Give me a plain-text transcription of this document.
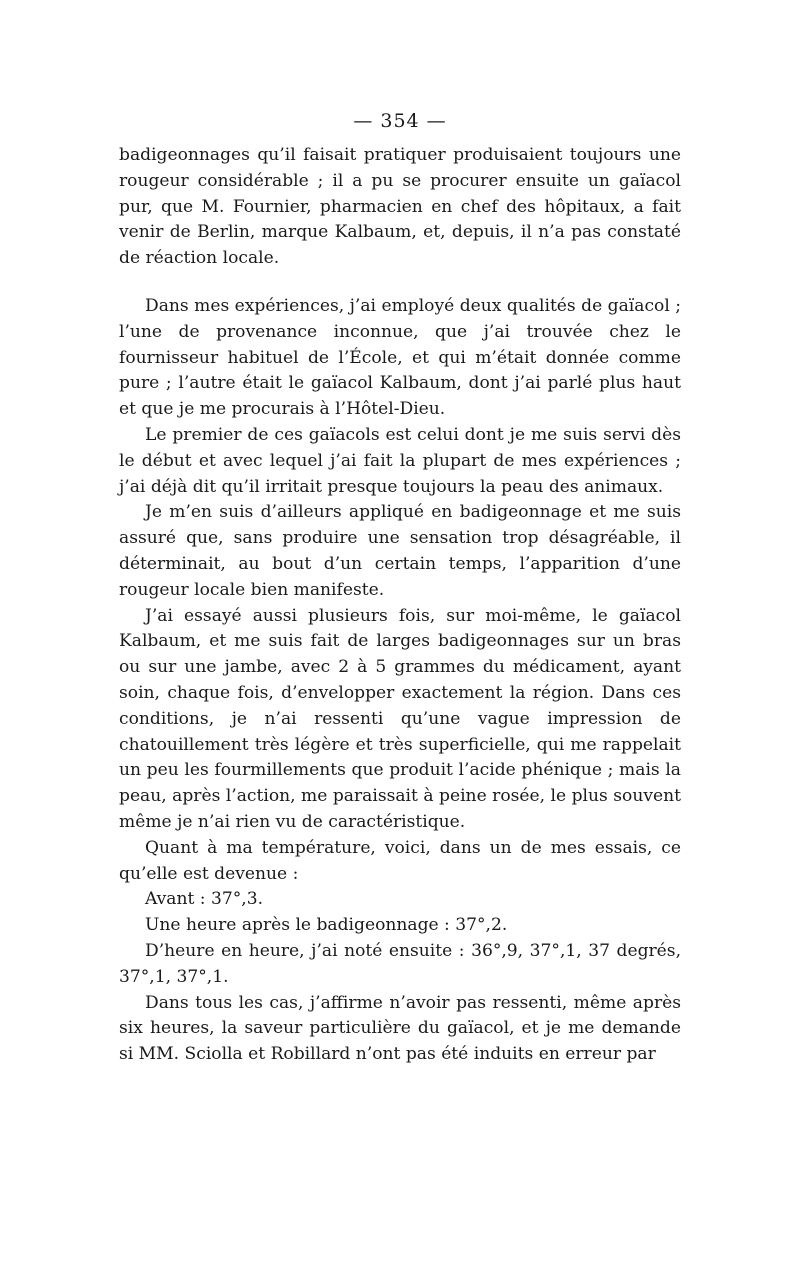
— 354 —

badigeonnages qu’il faisait pratiquer produisaient toujours une rougeur considérable ; il a pu se procurer ensuite un gaïacol pur, que M. Fournier, pharmacien en chef des hôpitaux, a fait venir de Berlin, marque Kalbaum, et, depuis, il n’a pas constaté de réaction locale.

Dans mes expériences, j’ai employé deux qualités de gaïacol ; l’une de provenance inconnue, que j’ai trouvée chez le fournisseur habituel de l’École, et qui m’était donnée comme pure ; l’autre était le gaïacol Kalbaum, dont j’ai parlé plus haut et que je me procurais à l’Hôtel-Dieu.

Le premier de ces gaïacols est celui dont je me suis servi dès le début et avec lequel j’ai fait la plupart de mes expériences ; j’ai déjà dit qu’il irritait presque toujours la peau des animaux.

Je m’en suis d’ailleurs appliqué en badigeonnage et me suis assuré que, sans produire une sensation trop désagréable, il déterminait, au bout d’un certain temps, l’apparition d’une rougeur locale bien manifeste.

J’ai essayé aussi plusieurs fois, sur moi-même, le gaïacol Kalbaum, et me suis fait de larges badigeonnages sur un bras ou sur une jambe, avec 2 à 5 grammes du médicament, ayant soin, chaque fois, d’envelopper exactement la région. Dans ces conditions, je n’ai ressenti qu’une vague impression de chatouillement très légère et très superficielle, qui me rappelait un peu les fourmillements que produit l’acide phénique ; mais la peau, après l’action, me paraissait à peine rosée, le plus souvent même je n’ai rien vu de caractéristique.

Quant à ma température, voici, dans un de mes essais, ce qu’elle est devenue :

Avant : 37°,3.

Une heure après le badigeonnage : 37°,2.

D’heure en heure, j’ai noté ensuite : 36°,9, 37°,1, 37 degrés, 37°,1, 37°,1.

Dans tous les cas, j’affirme n’avoir pas ressenti, même après six heures, la saveur particulière du gaïacol, et je me demande si MM. Sciolla et Robillard n’ont pas été induits en erreur par
